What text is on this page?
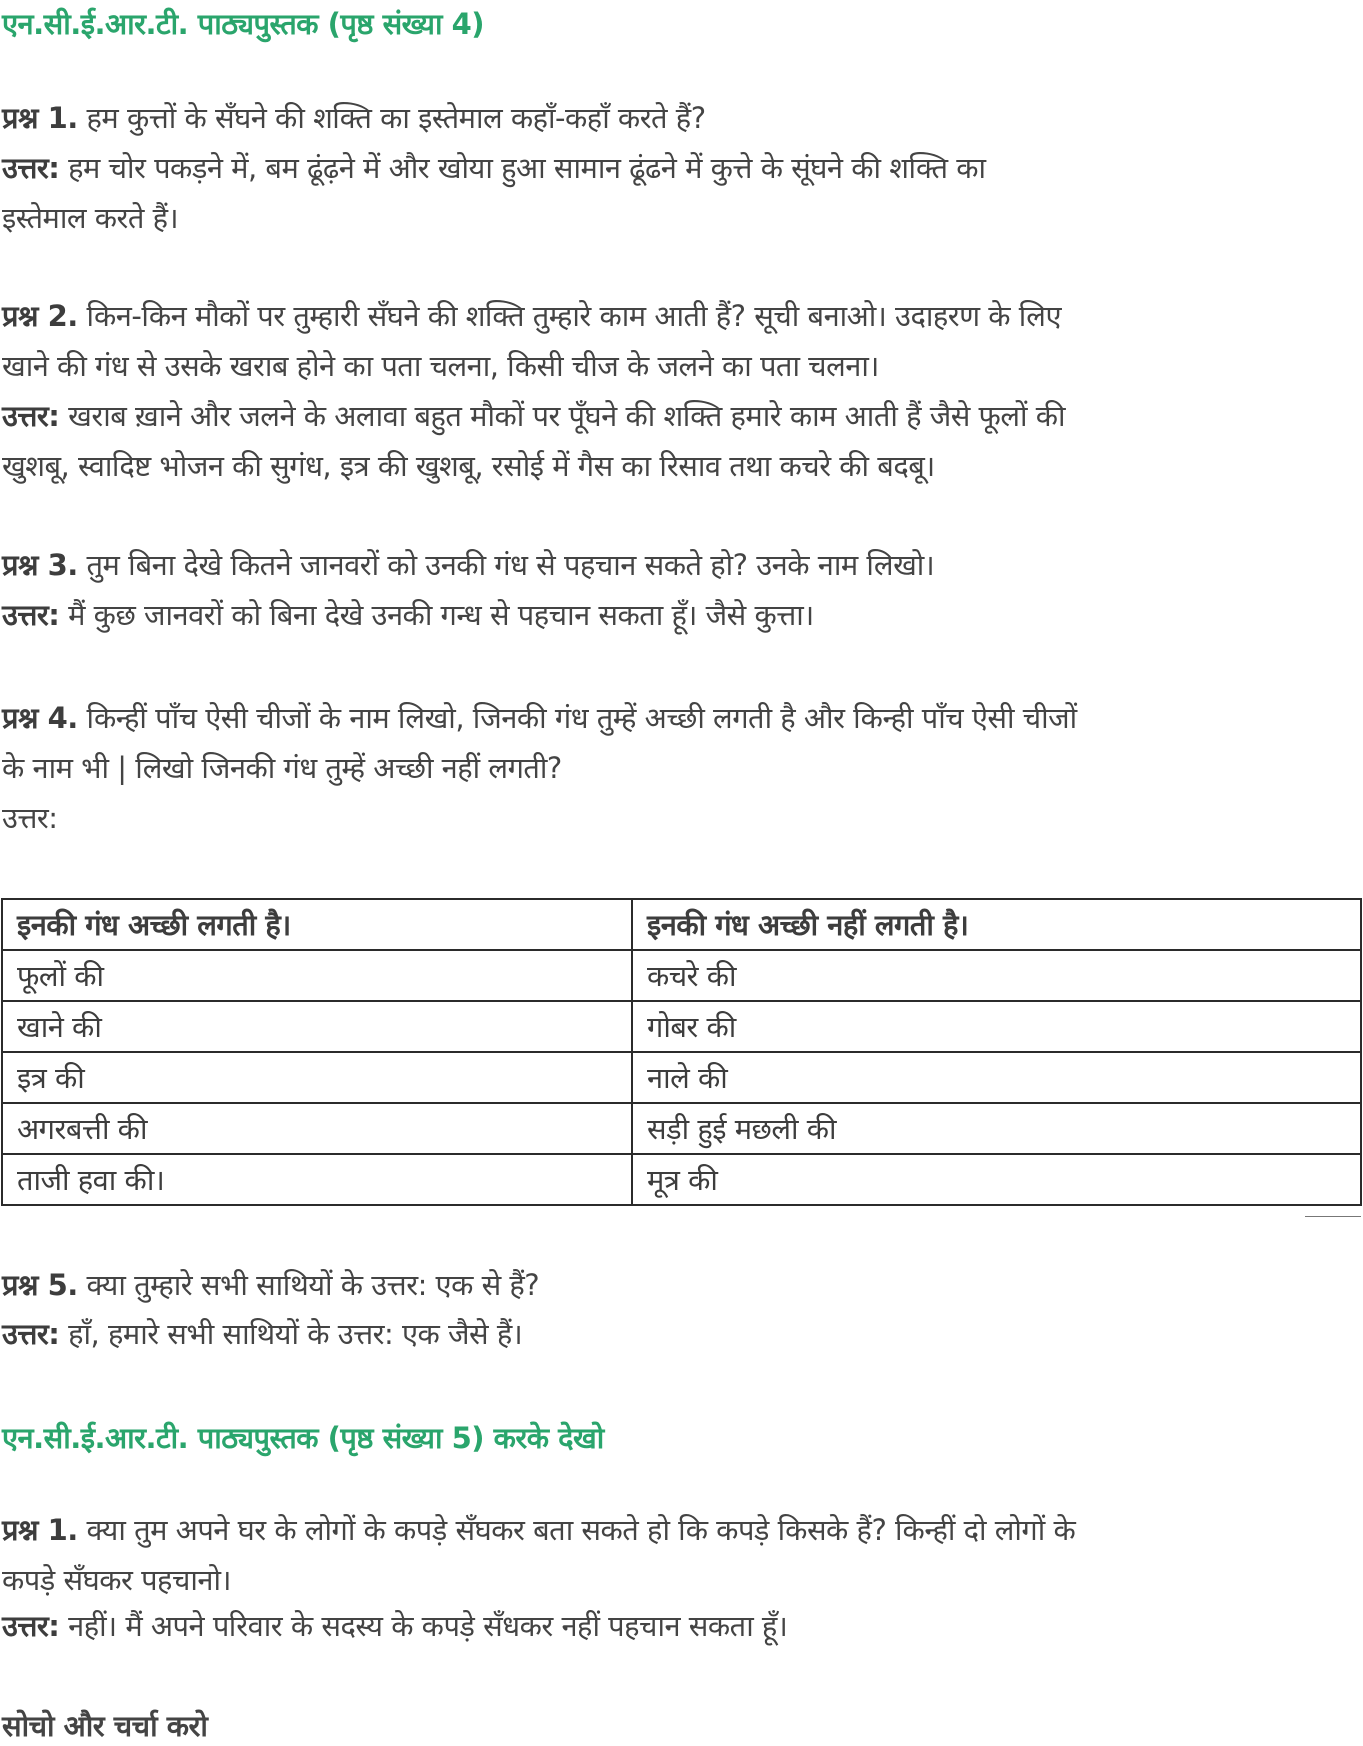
एन.सी.ई.आर.टी. पाठ्यपुस्तक (पृष्ठ संख्या 4)
प्रश्न 1. हम कुत्तों के सँघने की शक्ति का इस्तेमाल कहाँ-कहाँ करते हैं?
उत्तर: हम चोर पकड़ने में, बम ढूंढ़ने में और खोया हुआ सामान ढूंढने में कुत्ते के सूंघने की शक्ति का
इस्तेमाल करते हैं।
प्रश्न 2. किन-किन मौकों पर तुम्हारी सँघने की शक्ति तुम्हारे काम आती हैं? सूची बनाओ। उदाहरण के लिए
खाने की गंध से उसके खराब होने का पता चलना, किसी चीज के जलने का पता चलना।
उत्तर: खराब ख़ाने और जलने के अलावा बहुत मौकों पर पूँघने की शक्ति हमारे काम आती हैं जैसे फूलों की
खुशबू, स्वादिष्ट भोजन की सुगंध, इत्र की खुशबू, रसोई में गैस का रिसाव तथा कचरे की बदबू।
प्रश्न 3. तुम बिना देखे कितने जानवरों को उनकी गंध से पहचान सकते हो? उनके नाम लिखो।
उत्तर: मैं कुछ जानवरों को बिना देखे उनकी गन्ध से पहचान सकता हूँ। जैसे कुत्ता।
प्रश्न 4. किन्हीं पाँच ऐसी चीजों के नाम लिखो, जिनकी गंध तुम्हें अच्छी लगती है और किन्ही पाँच ऐसी चीजों
के नाम भी | लिखो जिनकी गंध तुम्हें अच्छी नहीं लगती?
उत्तर:
इनकी गंध अच्छी लगती है।	इनकी गंध अच्छी नहीं लगती है।
फूलों की	कचरे की
खाने की	गोबर की
इत्र की	नाले की
अगरबत्ती की	सड़ी हुई मछली की
ताजी हवा की।	मूत्र की
प्रश्न 5. क्या तुम्हारे सभी साथियों के उत्तर: एक से हैं?
उत्तर: हाँ, हमारे सभी साथियों के उत्तर: एक जैसे हैं।
एन.सी.ई.आर.टी. पाठ्यपुस्तक (पृष्ठ संख्या 5) करके देखो
प्रश्न 1. क्या तुम अपने घर के लोगों के कपड़े सँघकर बता सकते हो कि कपड़े किसके हैं? किन्हीं दो लोगों के
कपड़े सँघकर पहचानो।
उत्तर: नहीं। मैं अपने परिवार के सदस्य के कपड़े सँधकर नहीं पहचान सकता हूँ।
सोचो और चर्चा करो
